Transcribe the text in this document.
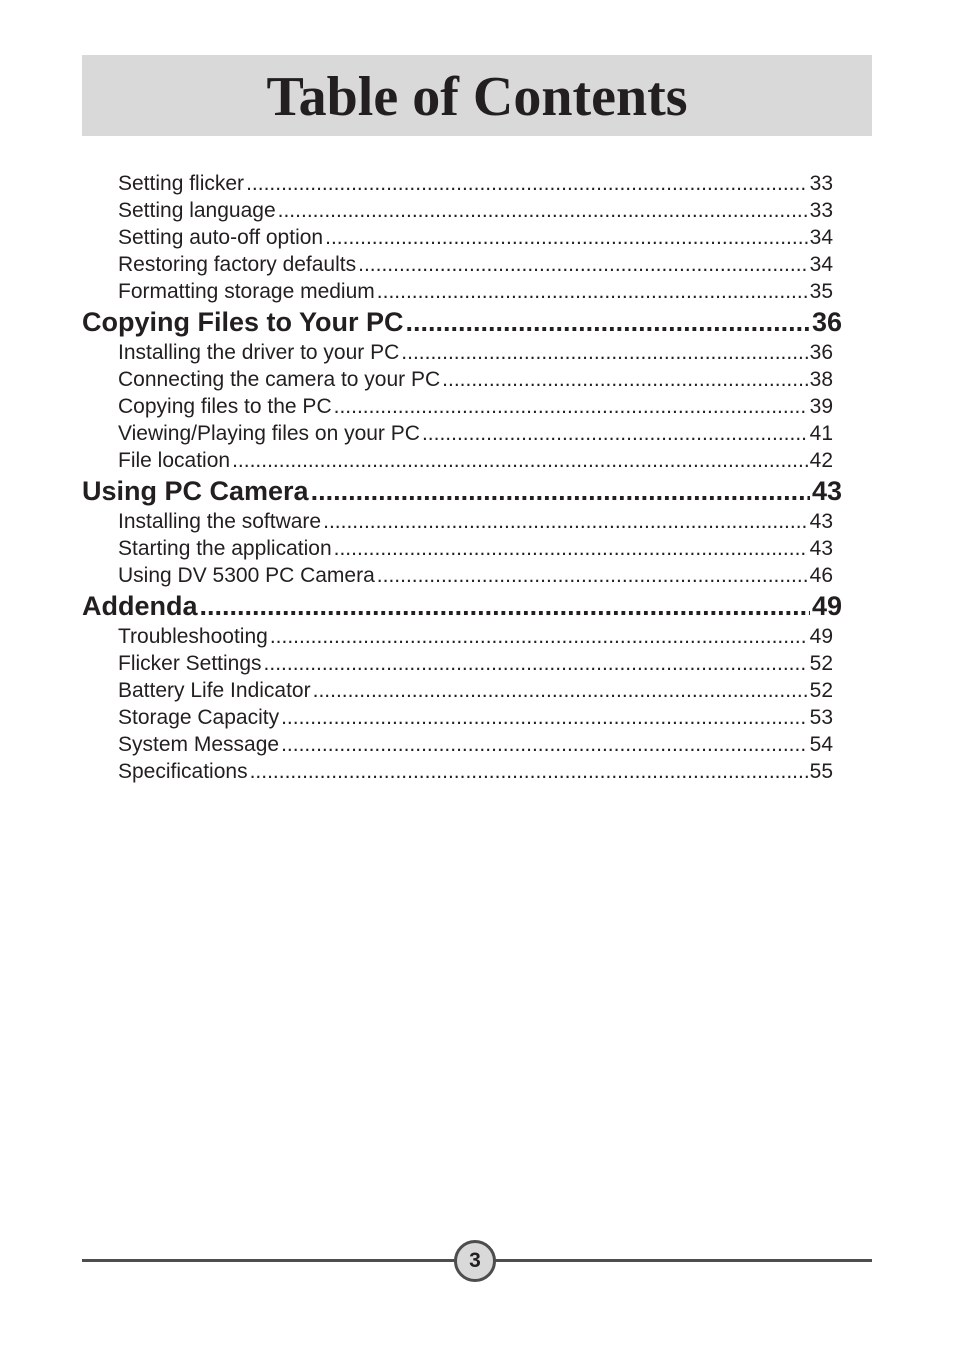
Table of Contents
Setting flicker .....	33
Setting language .....	33
Setting auto-off option .....	34
Restoring factory defaults .....	34
Formatting storage medium .....	35
Copying Files to Your PC .....	36
Installing the driver to your PC .....	36
Connecting the camera to your PC .....	38
Copying files to the PC .....	39
Viewing/Playing files on your PC .....	41
File location .....	42
Using PC Camera .....	43
Installing the software .....	43
Starting the application .....	43
Using DV 5300 PC Camera .....	46
Addenda .....	49
Troubleshooting .....	49
Flicker Settings .....	52
Battery Life Indicator .....	52
Storage Capacity .....	53
System Message .....	54
Specifications .....	55
3
